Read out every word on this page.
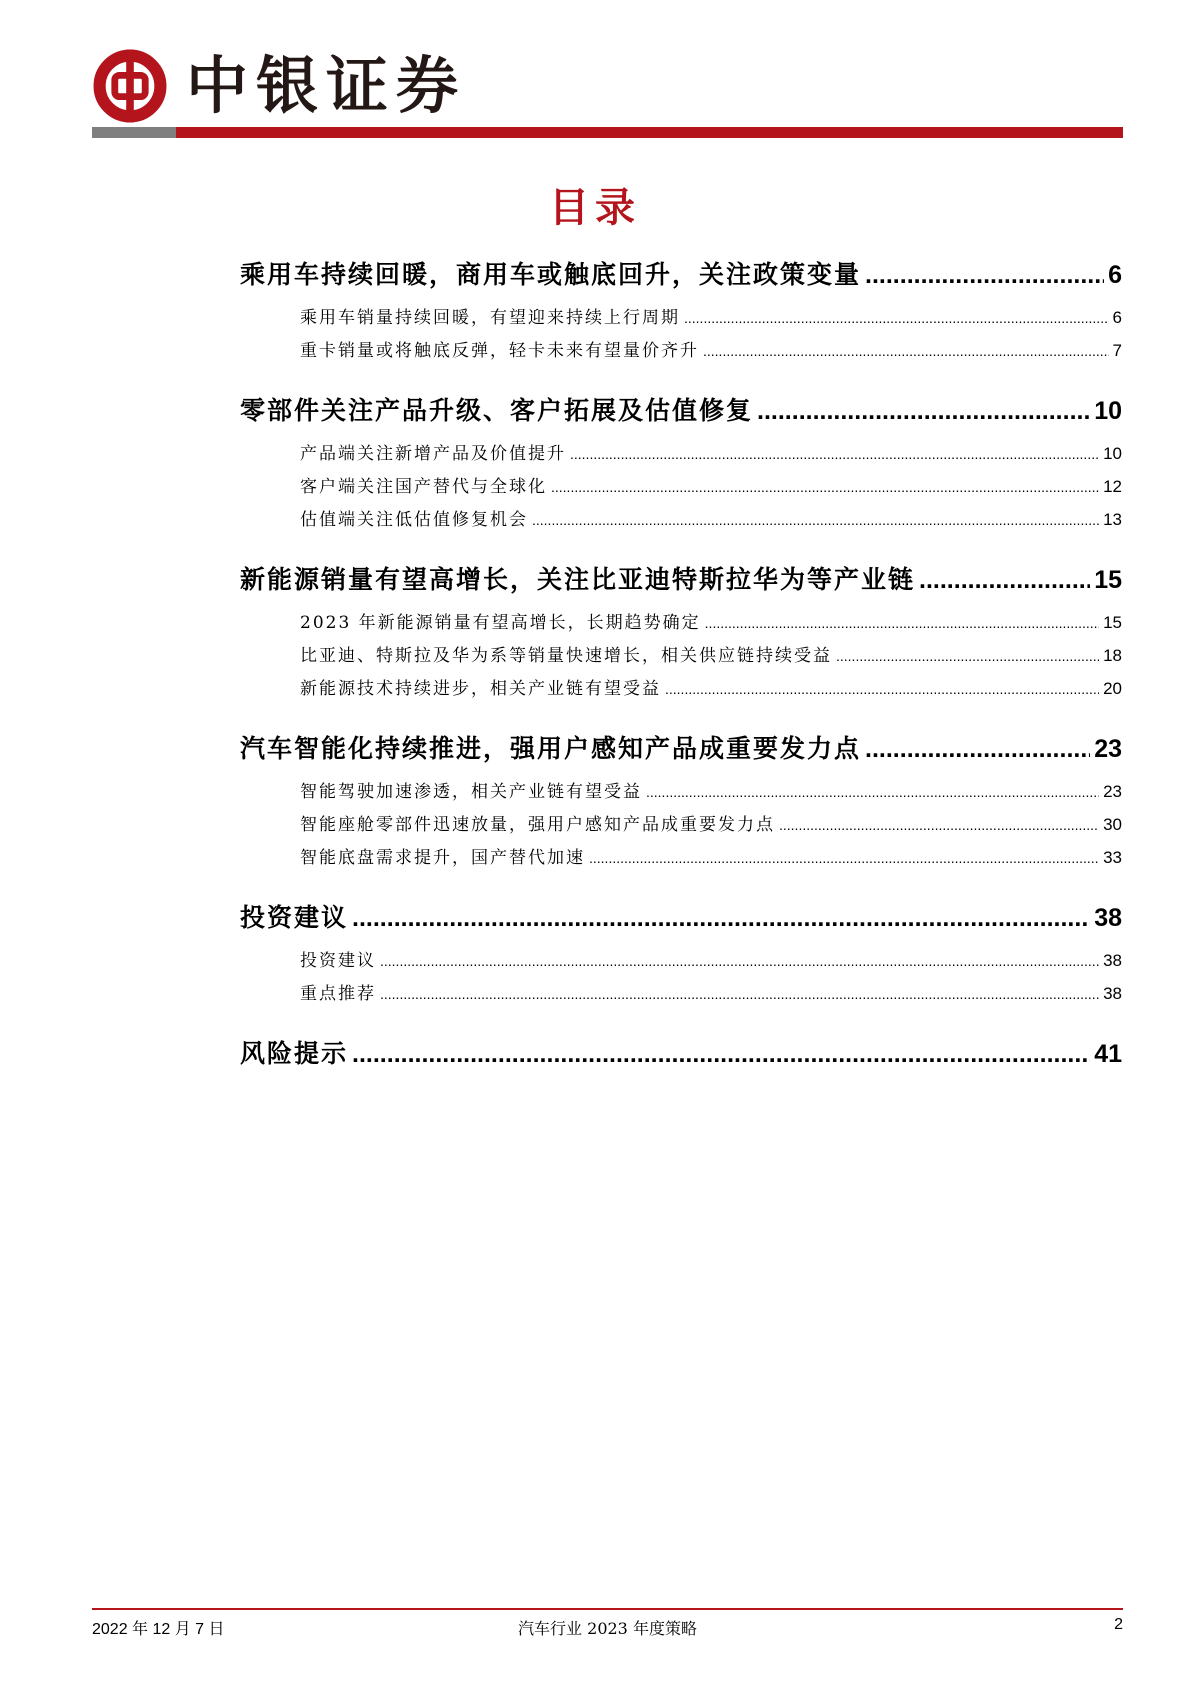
中银证券
目录
乘用车持续回暖，商用车或触底回升，关注政策变量 .....	6
乘用车销量持续回暖，有望迎来持续上行周期 .....	6
重卡销量或将触底反弹，轻卡未来有望量价齐升 .....	7
零部件关注产品升级、客户拓展及估值修复 .....	10
产品端关注新增产品及价值提升 .....	10
客户端关注国产替代与全球化 .....	12
估值端关注低估值修复机会 .....	13
新能源销量有望高增长，关注比亚迪特斯拉华为等产业链 .....	15
2023 年新能源销量有望高增长，长期趋势确定 .....	15
比亚迪、特斯拉及华为系等销量快速增长，相关供应链持续受益 .....	18
新能源技术持续进步，相关产业链有望受益 .....	20
汽车智能化持续推进，强用户感知产品成重要发力点 .....	23
智能驾驶加速渗透，相关产业链有望受益 .....	23
智能座舱零部件迅速放量，强用户感知产品成重要发力点 .....	30
智能底盘需求提升，国产替代加速 .....	33
投资建议 .....	38
投资建议 .....	38
重点推荐 .....	38
风险提示 .....	41
2022 年 12 月 7 日	汽车行业 2023 年度策略	2
